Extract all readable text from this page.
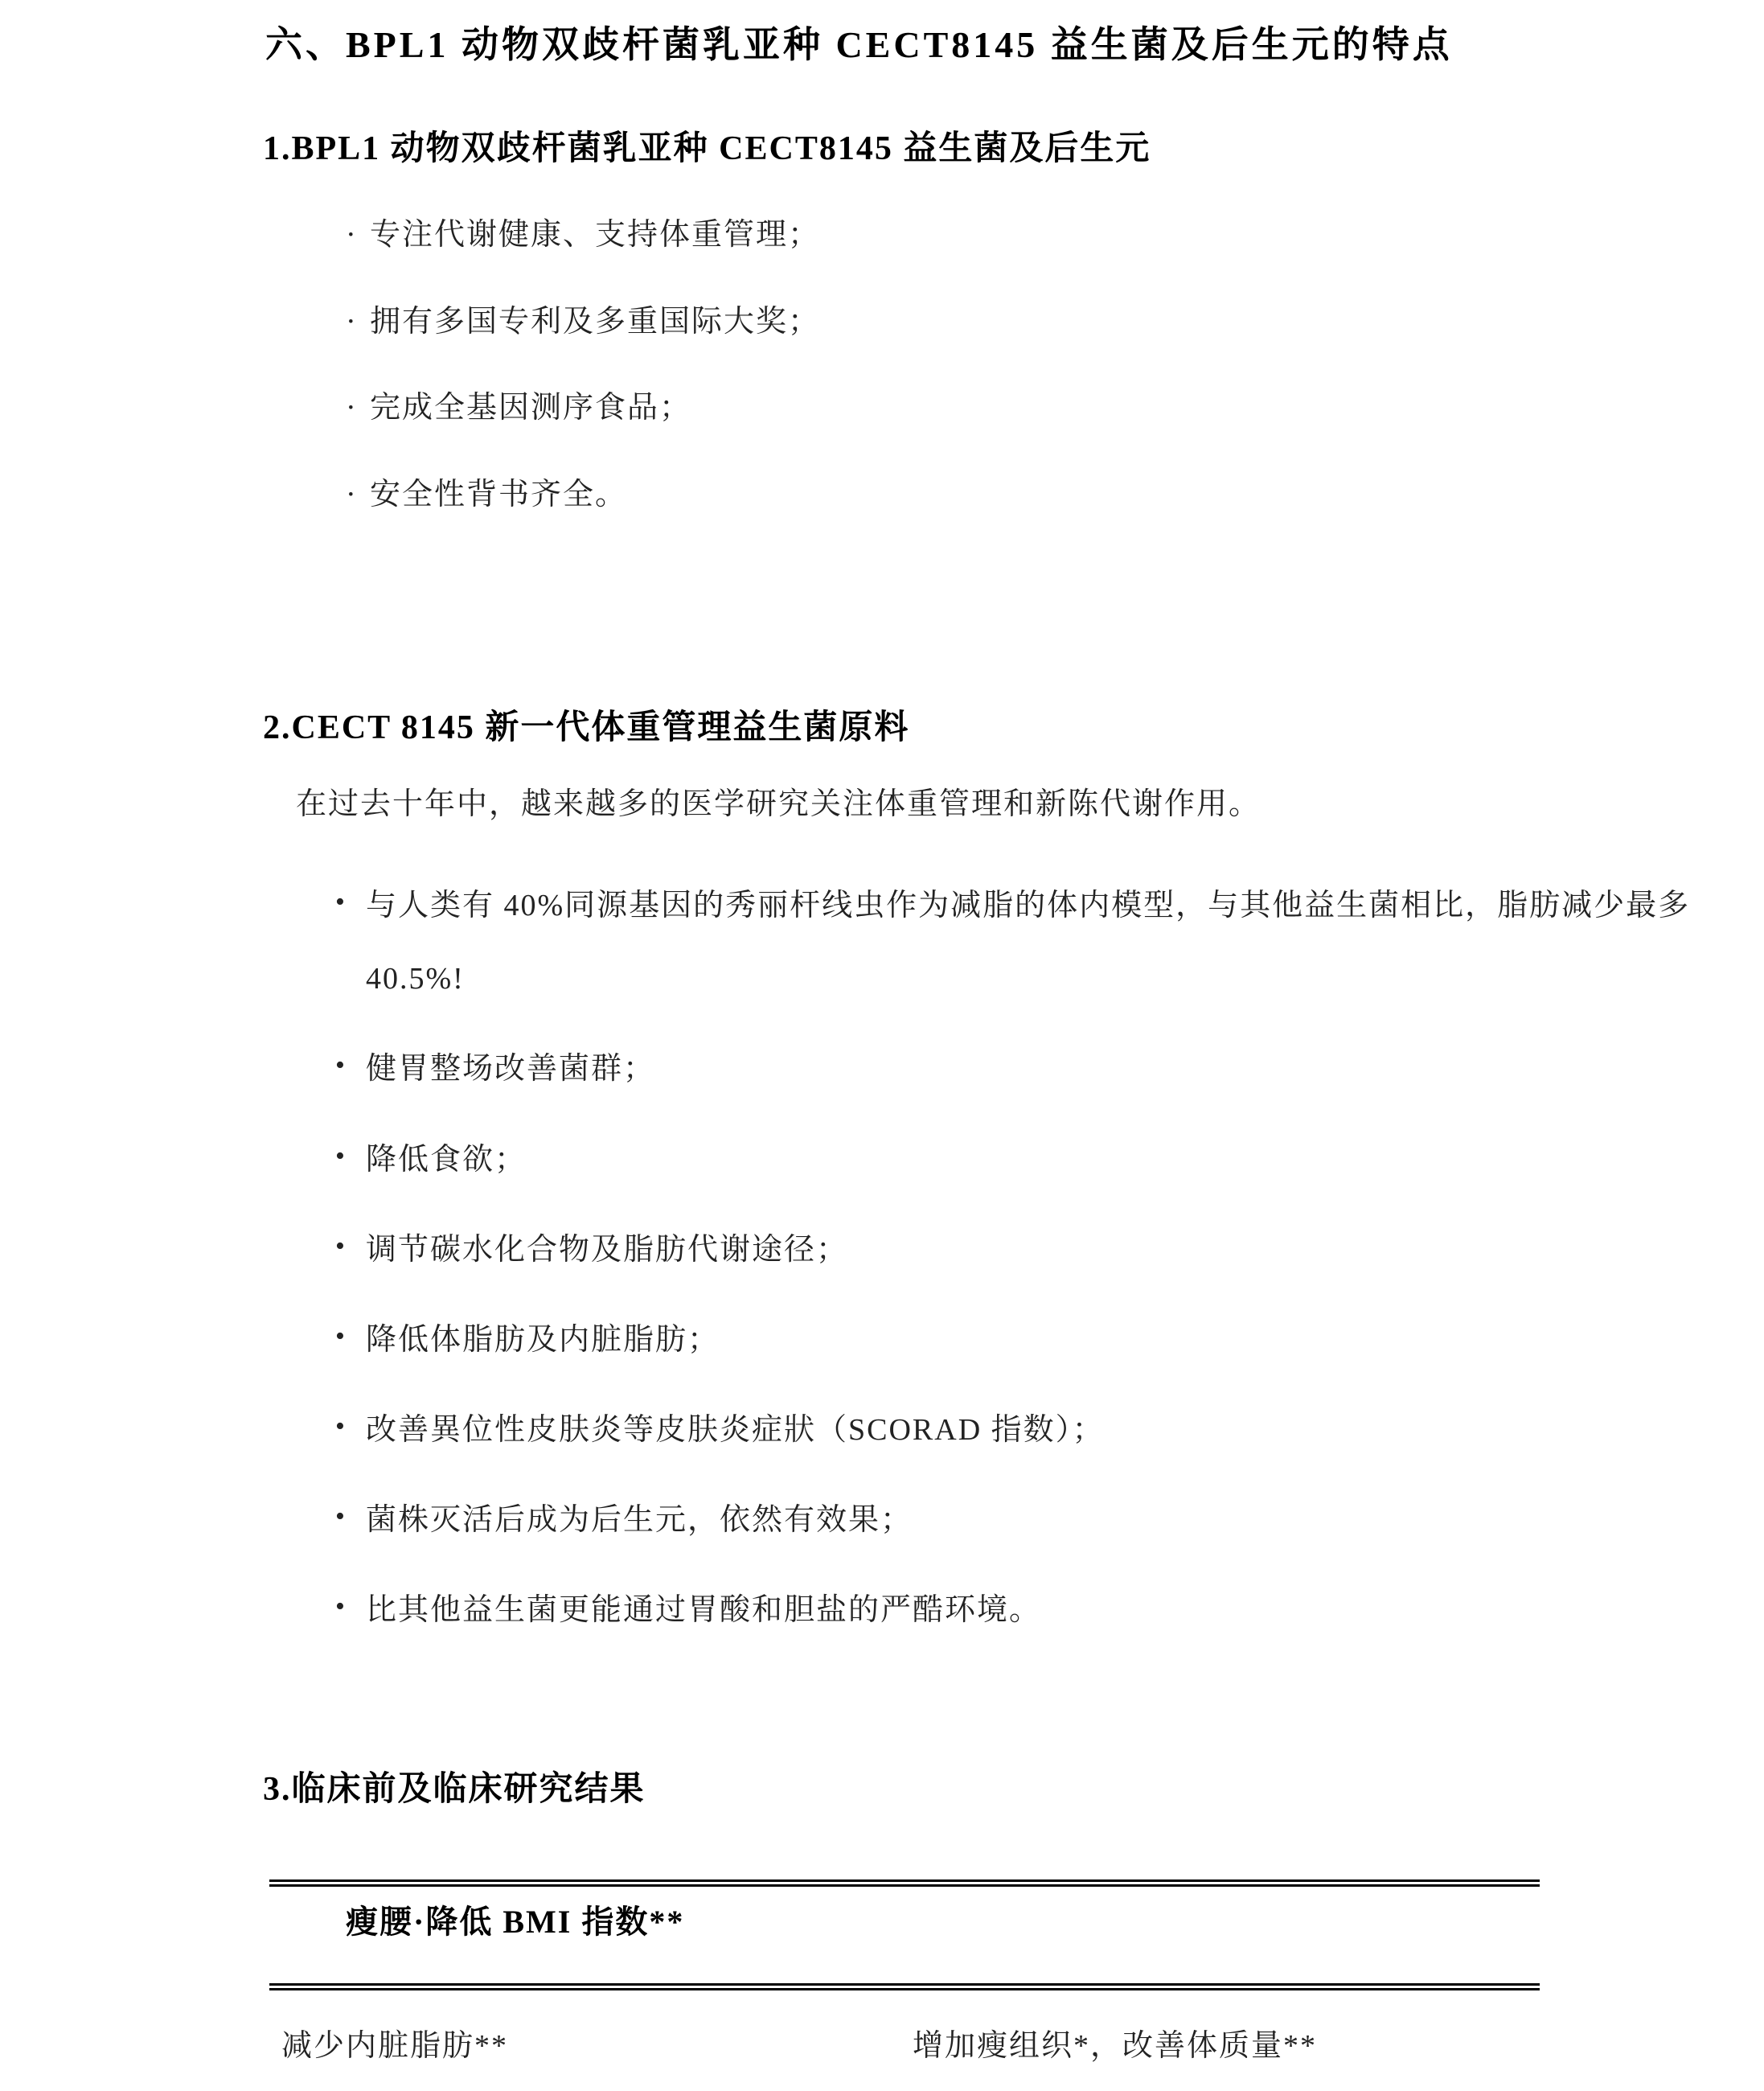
六、BPL1 动物双歧杆菌乳亚种 CECT8145 益生菌及后生元的特点
1.BPL1 动物双歧杆菌乳亚种 CECT8145 益生菌及后生元
· 专注代谢健康、支持体重管理；
· 拥有多国专利及多重国际大奖；
· 完成全基因测序食品；
· 安全性背书齐全。
2.CECT 8145 新一代体重管理益生菌原料
在过去十年中，越来越多的医学研究关注体重管理和新陈代谢作用。
• 与人类有 40%同源基因的秀丽杆线虫作为减脂的体内模型，与其他益生菌相比，脂肪减少最多 40.5%!
• 健胃整场改善菌群；
• 降低食欲；
• 调节碳水化合物及脂肪代谢途径；
• 降低体脂肪及内脏脂肪；
• 改善異位性皮肤炎等皮肤炎症狀（SCORAD 指数）；
• 菌株灭活后成为后生元，依然有效果；
• 比其他益生菌更能通过胃酸和胆盐的严酷环境。
3.临床前及临床研究结果
瘦腰·降低 BMI 指数**
减少内脏脂肪**	增加瘦组织*，改善体质量**
